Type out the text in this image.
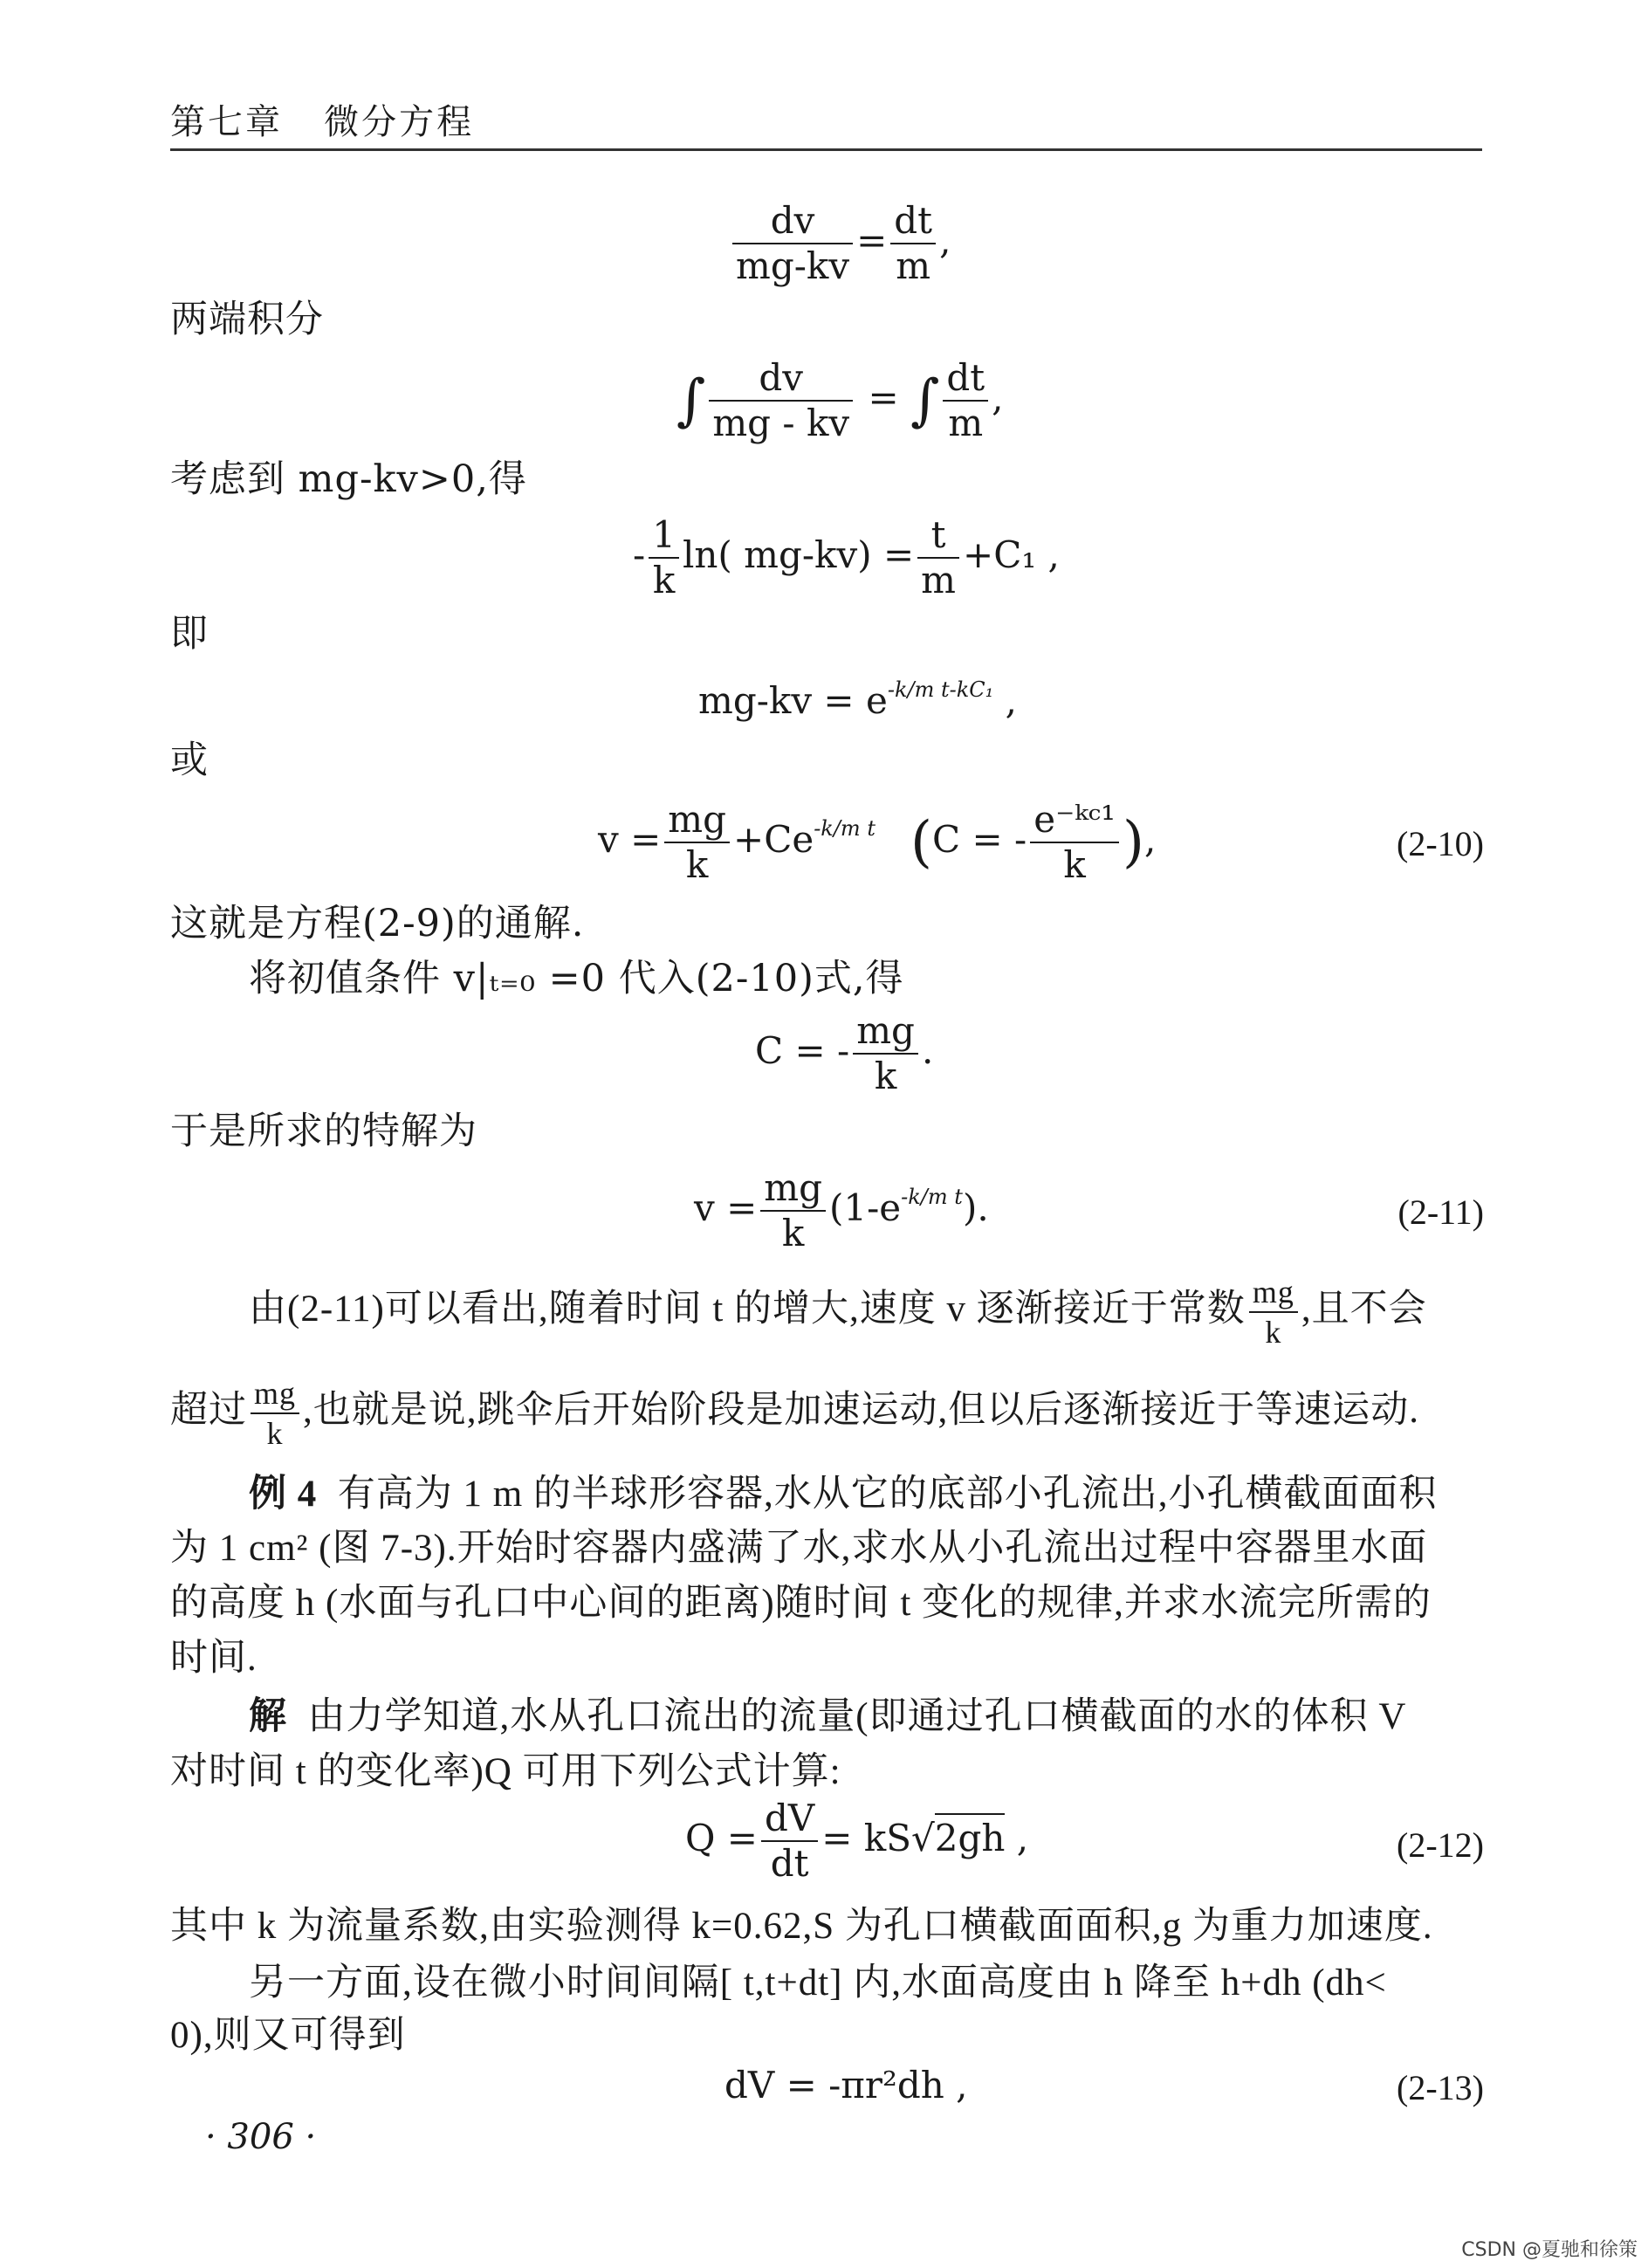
第七章 微分方程
$\frac{dv}{mg-kv} = \frac{dt}{m}$ ,
两端积分
∫ $\frac{dv}{mg - kv}$ = ∫ $\frac{dt}{m}$ ,
考虑到 mg-kv>0,得
- $\frac{1}{k} \ln$( $mg-kv) = \frac{t}{m} +C_1$ ,
即
$mg-kv = e^{-k/m t-kC_1}$ ,
或
$v = \frac{mg}{k} +Ce^{-k/m t}$ (C = - $\frac{\text{e⁻ᵏᶜ¹}}{k}$ ),	(2-10)
这就是方程(2-9)的通解.
将初值条件 v|ₜ₌₀ =0 代入(2-10)式,得
C = - $\frac{mg}{k}$ .
于是所求的特解为
$v = \frac{mg}{k} (1-e^{-k/m t})$.	(2-11)
由(2-11)可以看出,随着时间 t 的增大,速度 v 逐渐接近于常数 $\frac{mg}{k}$ ,且不会
超过 $\frac{mg}{k}$ ,也就是说,跳伞后开始阶段是加速运动,但以后逐渐接近于等速运动.
例 4 有高为 1 m 的半球形容器,水从它的底部小孔流出,小孔横截面面积
为 1 cm² (图 7-3).开始时容器内盛满了水,求水从小孔流出过程中容器里水面
的高度 h (水面与孔口中心间的距离)随时间 t 变化的规律,并求水流完所需的
时间.
解 由力学知道,水从孔口流出的流量(即通过孔口横截面的水的体积 V
对时间 t 的变化率)Q 可用下列公式计算:
$Q = \frac{dV}{dt} = kS√2gh$ ,	(2-12)
其中 k 为流量系数,由实验测得 k=0.62,S 为孔口横截面面积,g 为重力加速度.
另一方面,设在微小时间间隔[ t,t+dt] 内,水面高度由 h 降至 h+dh (dh<
0),则又可得到
dV = -πr²dh ,	(2-13)
· 306 ·
CSDN @夏驰和徐策
